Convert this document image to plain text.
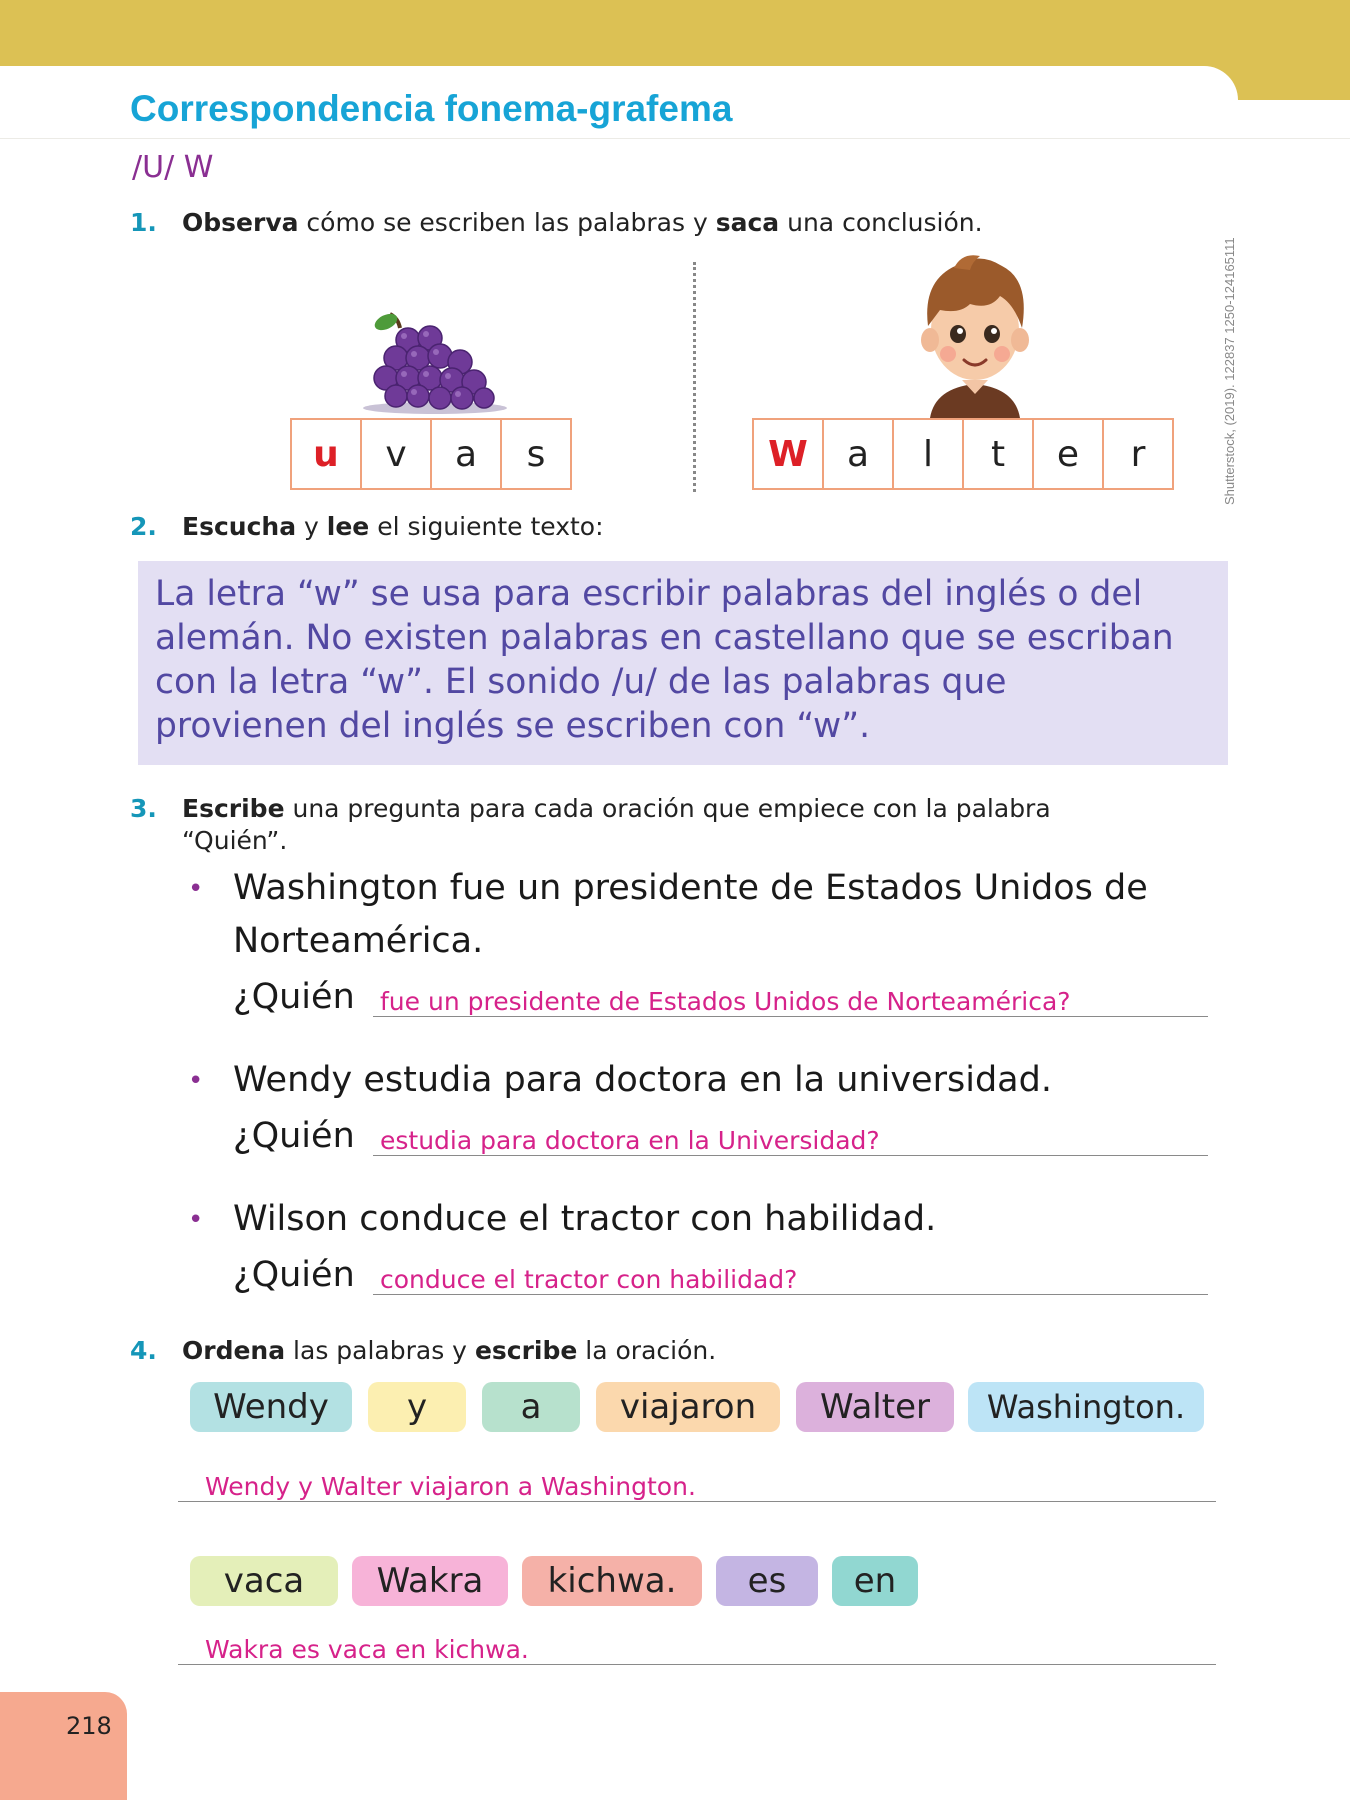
Correspondencia fonema-grafema
/U/ W
1. Observa cómo se escriben las palabras y saca una conclusión.
u	v	a	s	W	a	l	t	e	r	Shutterstock, (2019). 122837 1250-124165111
2. Escucha y lee el siguiente texto:
La letra “w” se usa para escribir palabras del inglés o del
alemán. No existen palabras en castellano que se escriban
con la letra “w”. El sonido /u/ de las palabras que
provienen del inglés se escriben con “w”.
3. Escribe una pregunta para cada oración que empiece con la palabra
“Quién”.
• Washington fue un presidente de Estados Unidos de
Norteamérica.
¿Quién fue un presidente de Estados Unidos de Norteamérica?
• Wendy estudia para doctora en la universidad.
¿Quién estudia para doctora en la Universidad?
• Wilson conduce el tractor con habilidad.
¿Quién conduce el tractor con habilidad?
4. Ordena las palabras y escribe la oración.
Wendy	y	a	viajaron	Walter	Washington.
Wendy y Walter viajaron a Washington.
vaca	Wakra	kichwa.	es	en
Wakra es vaca en kichwa.
218
